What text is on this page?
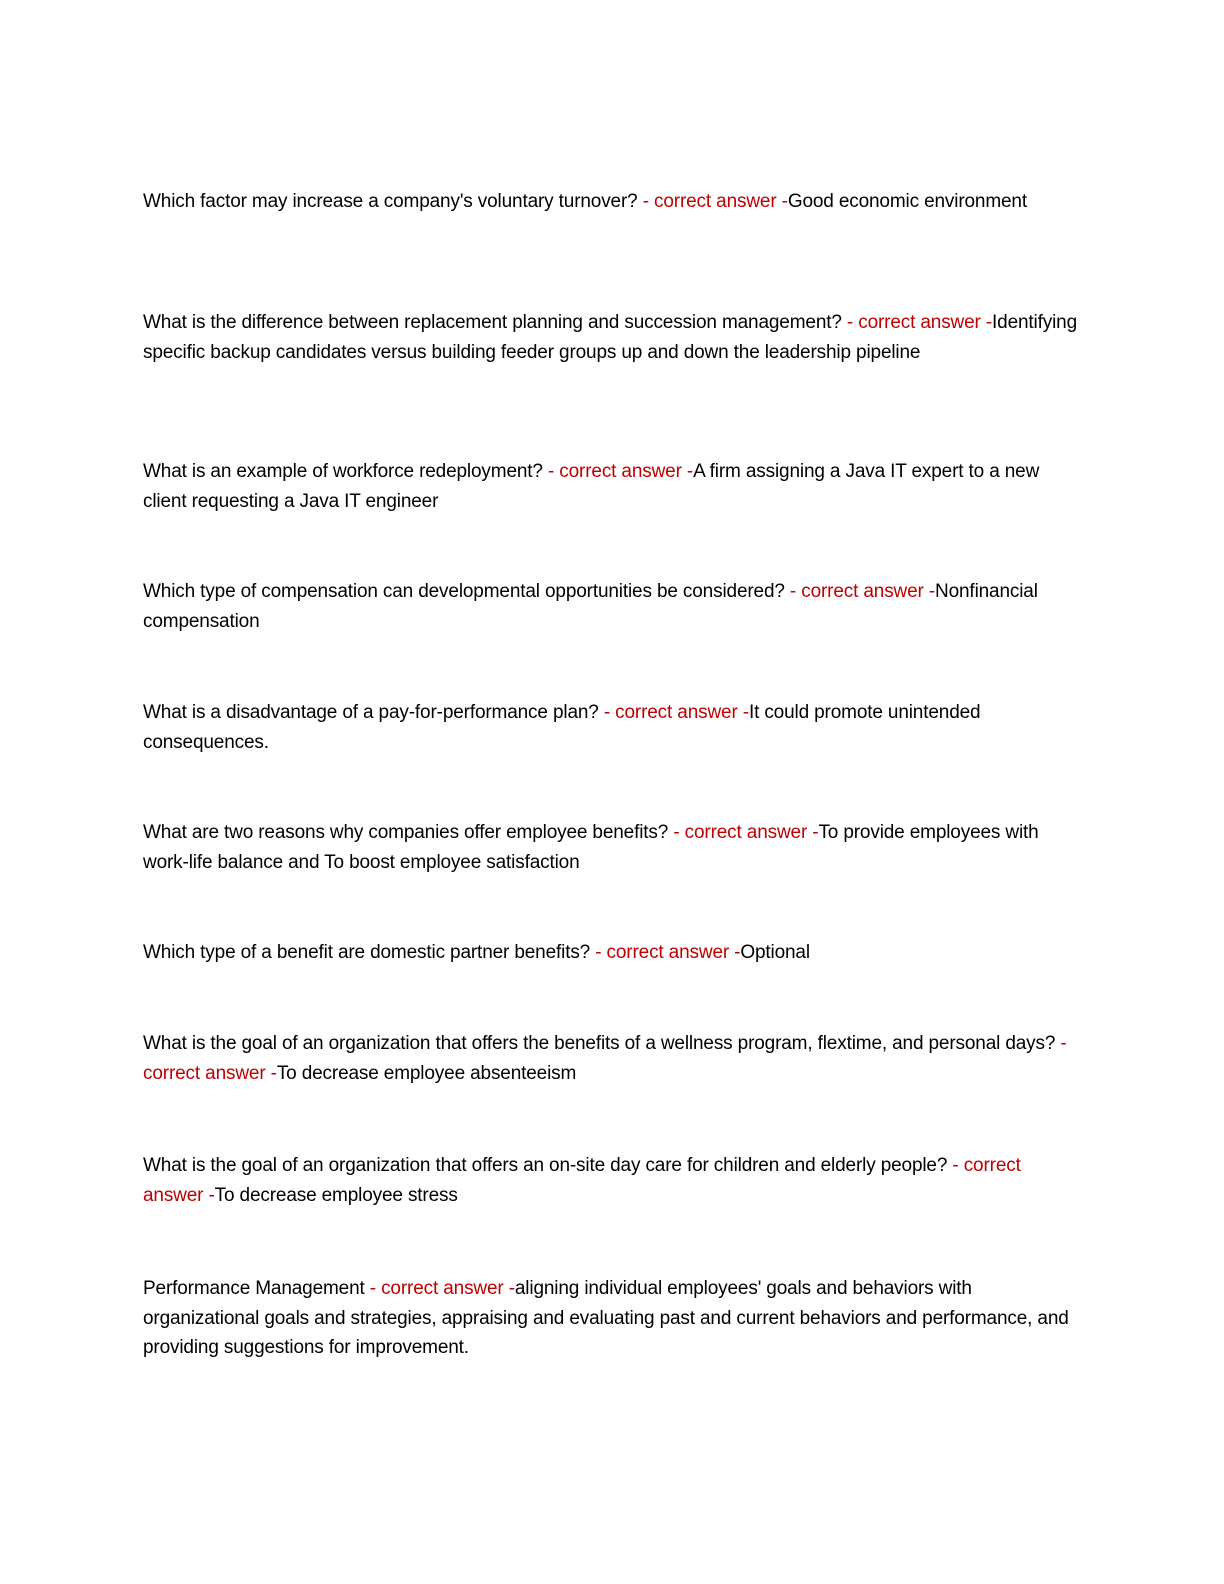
Which factor may increase a company's voluntary turnover? - correct answer -Good economic environment

What is the difference between replacement planning and succession management? - correct answer -Identifying specific backup candidates versus building feeder groups up and down the leadership pipeline

What is an example of workforce redeployment? - correct answer -A firm assigning a Java IT expert to a new client requesting a Java IT engineer

Which type of compensation can developmental opportunities be considered? - correct answer -Nonfinancial compensation

What is a disadvantage of a pay-for-performance plan? - correct answer -It could promote unintended consequences.

What are two reasons why companies offer employee benefits? - correct answer -To provide employees with work-life balance and To boost employee satisfaction

Which type of a benefit are domestic partner benefits? - correct answer -Optional

What is the goal of an organization that offers the benefits of a wellness program, flextime, and personal days? - correct answer -To decrease employee absenteeism

What is the goal of an organization that offers an on-site day care for children and elderly people? - correct answer -To decrease employee stress

Performance Management - correct answer -aligning individual employees' goals and behaviors with organizational goals and strategies, appraising and evaluating past and current behaviors and performance, and providing suggestions for improvement.
